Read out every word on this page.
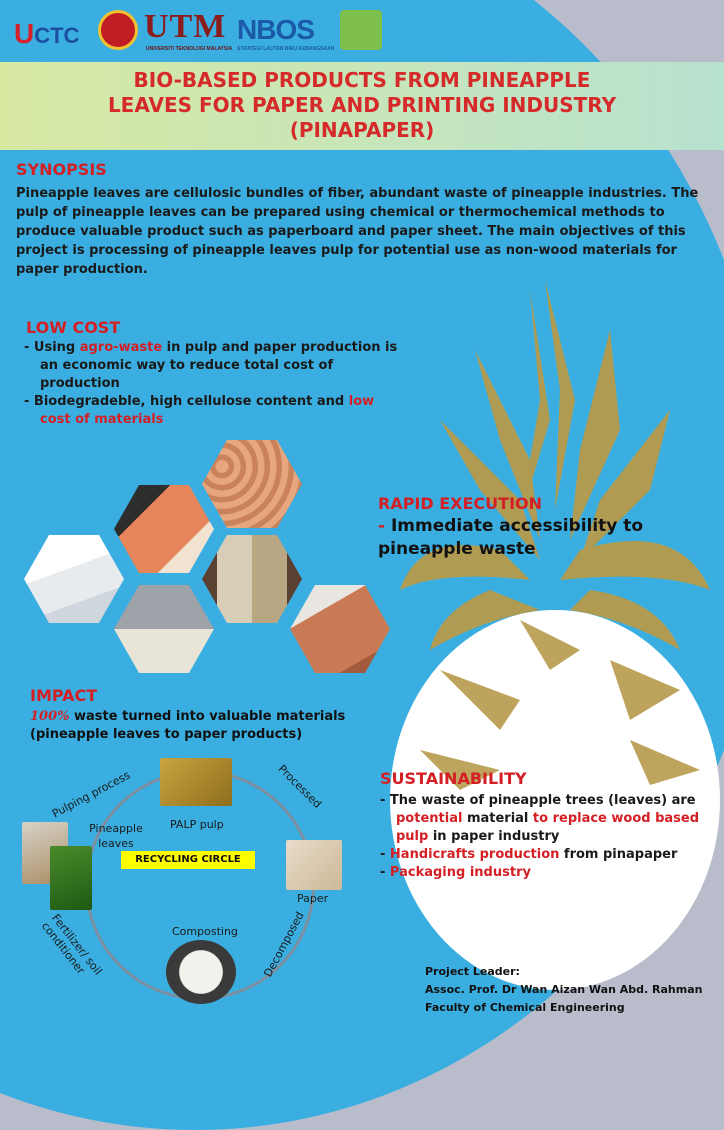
UCTC UTM
UNIVERSITI TEKNOLOGI MALAYSIA
NBOS
STRATEGI LAUTAN BIRU KEBANGSAAN
BIO-BASED PRODUCTS FROM PINEAPPLE
LEAVES FOR PAPER AND PRINTING INDUSTRY
(PINAPAPER)
SYNOPSIS
Pineapple leaves are cellulosic bundles of fiber, abundant waste of pineapple industries. The pulp of pineapple leaves can be prepared using chemical or thermochemical methods to produce valuable product such as paperboard and paper sheet. The main objectives of this project is processing of pineapple leaves pulp for potential use as non-wood materials for paper production.
LOW COST
- Using agro-waste in pulp and paper production is an economic way to reduce total cost of production
- Biodegradeble, high cellulose content and low cost of materials
RAPID EXECUTION
- Immediate accessibility to pineapple waste
IMPACT
100% waste turned into valuable materials
(pineapple leaves to paper products)
Pulping process	Processed
Pineapple leaves
PALP pulp
RECYCLING CIRCLE
Paper
Decomposed
Composting
Fertilizer/ soil conditioner
SUSTAINABILITY
- The waste of pineapple trees (leaves) are potential material to replace wood based pulp in paper industry
- Handicrafts production from pinapaper
- Packaging industry
Project Leader:
Assoc. Prof. Dr Wan Aizan Wan Abd. Rahman
Faculty of Chemical Engineering
